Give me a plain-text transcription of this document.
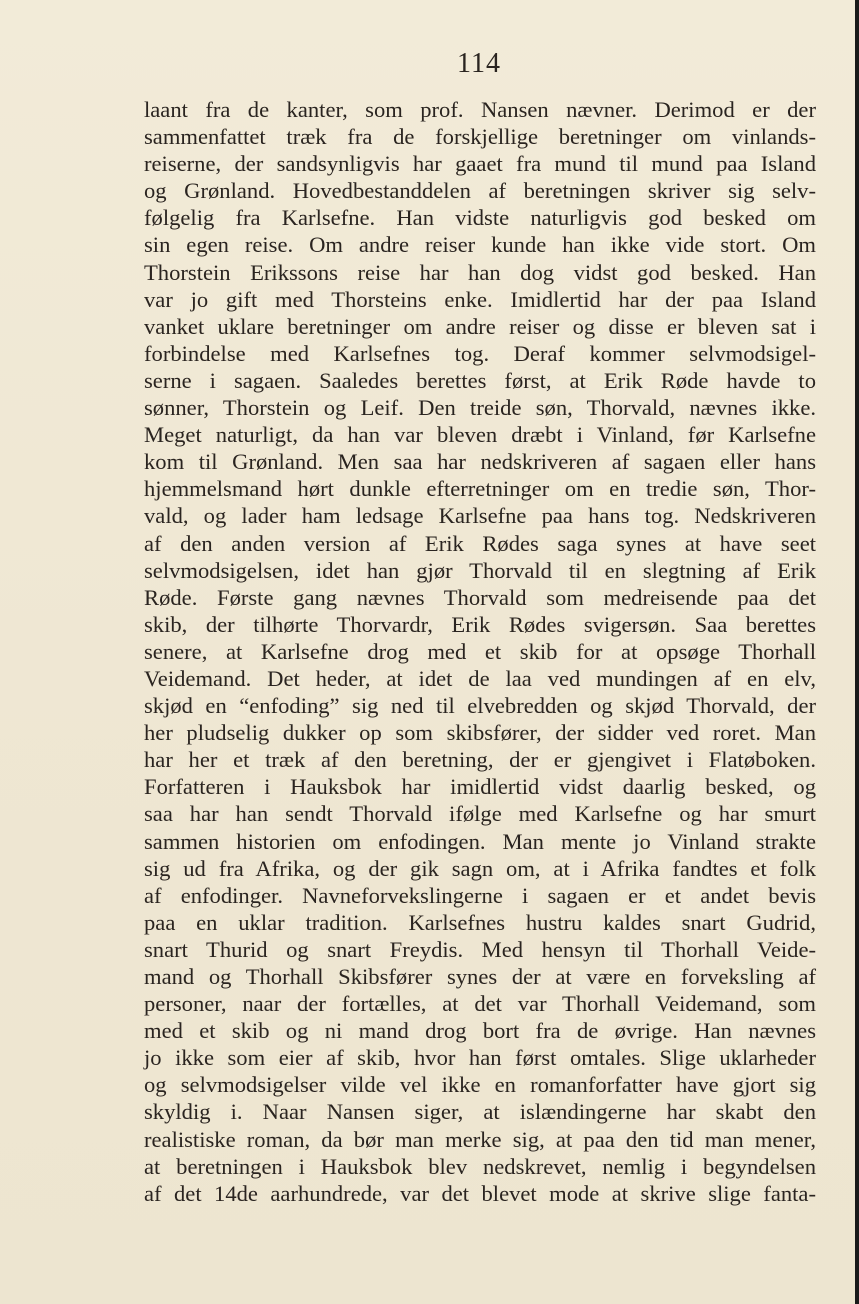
114
laant fra de kanter, som prof. Nansen nævner. Derimod er der
sammenfattet træk fra de forskjellige beretninger om vinlands-
reiserne, der sandsynligvis har gaaet fra mund til mund paa Island
og Grønland. Hovedbestanddelen af beretningen skriver sig selv-
følgelig fra Karlsefne. Han vidste naturligvis god besked om
sin egen reise. Om andre reiser kunde han ikke vide stort. Om
Thorstein Erikssons reise har han dog vidst god besked. Han
var jo gift med Thorsteins enke. Imidlertid har der paa Island
vanket uklare beretninger om andre reiser og disse er bleven sat i
forbindelse med Karlsefnes tog. Deraf kommer selvmodsigel-
serne i sagaen. Saaledes berettes først, at Erik Røde havde to
sønner, Thorstein og Leif. Den treide søn, Thorvald, nævnes ikke.
Meget naturligt, da han var bleven dræbt i Vinland, før Karlsefne
kom til Grønland. Men saa har nedskriveren af sagaen eller hans
hjemmelsmand hørt dunkle efterretninger om en tredie søn, Thor-
vald, og lader ham ledsage Karlsefne paa hans tog. Nedskriveren
af den anden version af Erik Rødes saga synes at have seet
selvmodsigelsen, idet han gjør Thorvald til en slegtning af Erik
Røde. Første gang nævnes Thorvald som medreisende paa det
skib, der tilhørte Thorvardr, Erik Rødes svigersøn. Saa berettes
senere, at Karlsefne drog med et skib for at opsøge Thorhall
Veidemand. Det heder, at idet de laa ved mundingen af en elv,
skjød en “enfoding” sig ned til elvebredden og skjød Thorvald, der
her pludselig dukker op som skibsfører, der sidder ved roret. Man
har her et træk af den beretning, der er gjengivet i Flatøboken.
Forfatteren i Hauksbok har imidlertid vidst daarlig besked, og
saa har han sendt Thorvald ifølge med Karlsefne og har smurt
sammen historien om enfodingen. Man mente jo Vinland strakte
sig ud fra Afrika, og der gik sagn om, at i Afrika fandtes et folk
af enfodinger. Navneforvekslingerne i sagaen er et andet bevis
paa en uklar tradition. Karlsefnes hustru kaldes snart Gudrid,
snart Thurid og snart Freydis. Med hensyn til Thorhall Veide-
mand og Thorhall Skibsfører synes der at være en forveksling af
personer, naar der fortælles, at det var Thorhall Veidemand, som
med et skib og ni mand drog bort fra de øvrige. Han nævnes
jo ikke som eier af skib, hvor han først omtales. Slige uklarheder
og selvmodsigelser vilde vel ikke en romanforfatter have gjort sig
skyldig i. Naar Nansen siger, at islændingerne har skabt den
realistiske roman, da bør man merke sig, at paa den tid man mener,
at beretningen i Hauksbok blev nedskrevet, nemlig i begyndelsen
af det 14de aarhundrede, var det blevet mode at skrive slige fanta-
